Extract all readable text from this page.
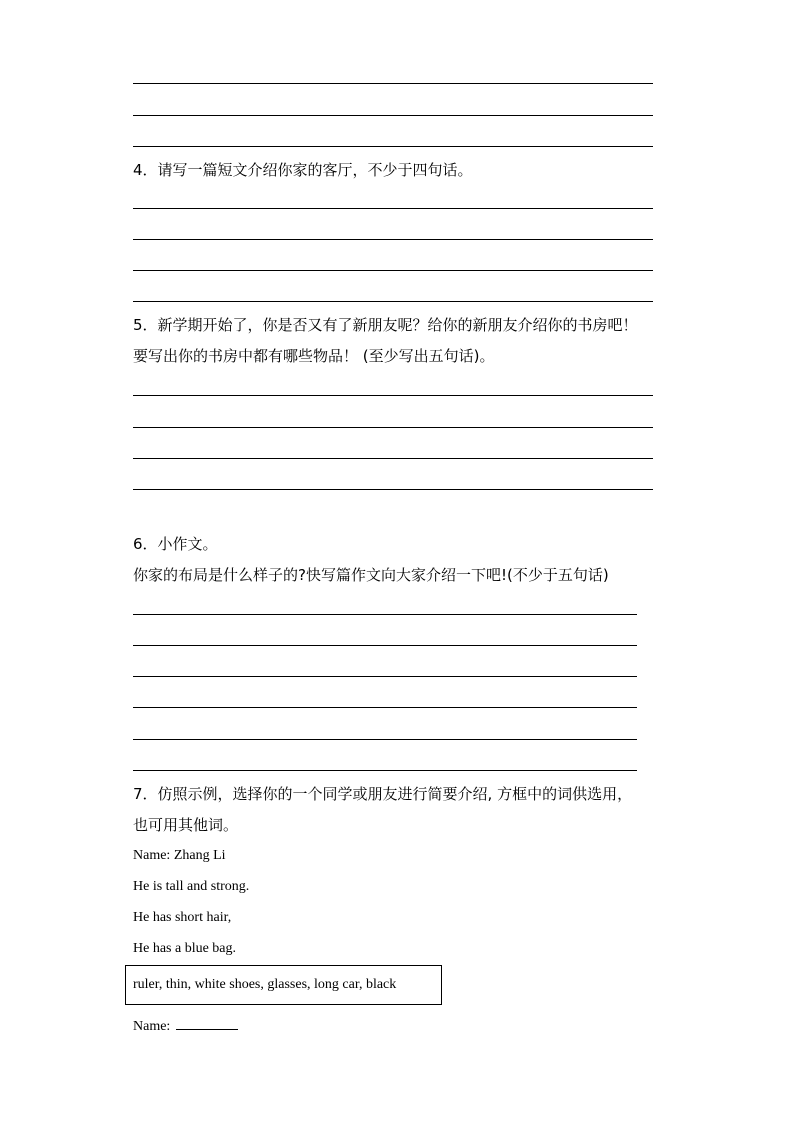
4．请写一篇短文介绍你家的客厅，不少于四句话。
5．新学期开始了，你是否又有了新朋友呢？给你的新朋友介绍你的书房吧！
要写出你的书房中都有哪些物品！ (至少写出五句话)。
6．小作文。
你家的布局是什么样子的?快写篇作文向大家介绍一下吧!(不少于五句话)
7．仿照示例，选择你的一个同学或朋友进行简要介绍, 方框中的词供选用，
也可用其他词。
Name: Zhang Li
He is tall and strong.
He has short hair,
He has a blue bag.
ruler, thin, white shoes, glasses, long car, black
Name:
